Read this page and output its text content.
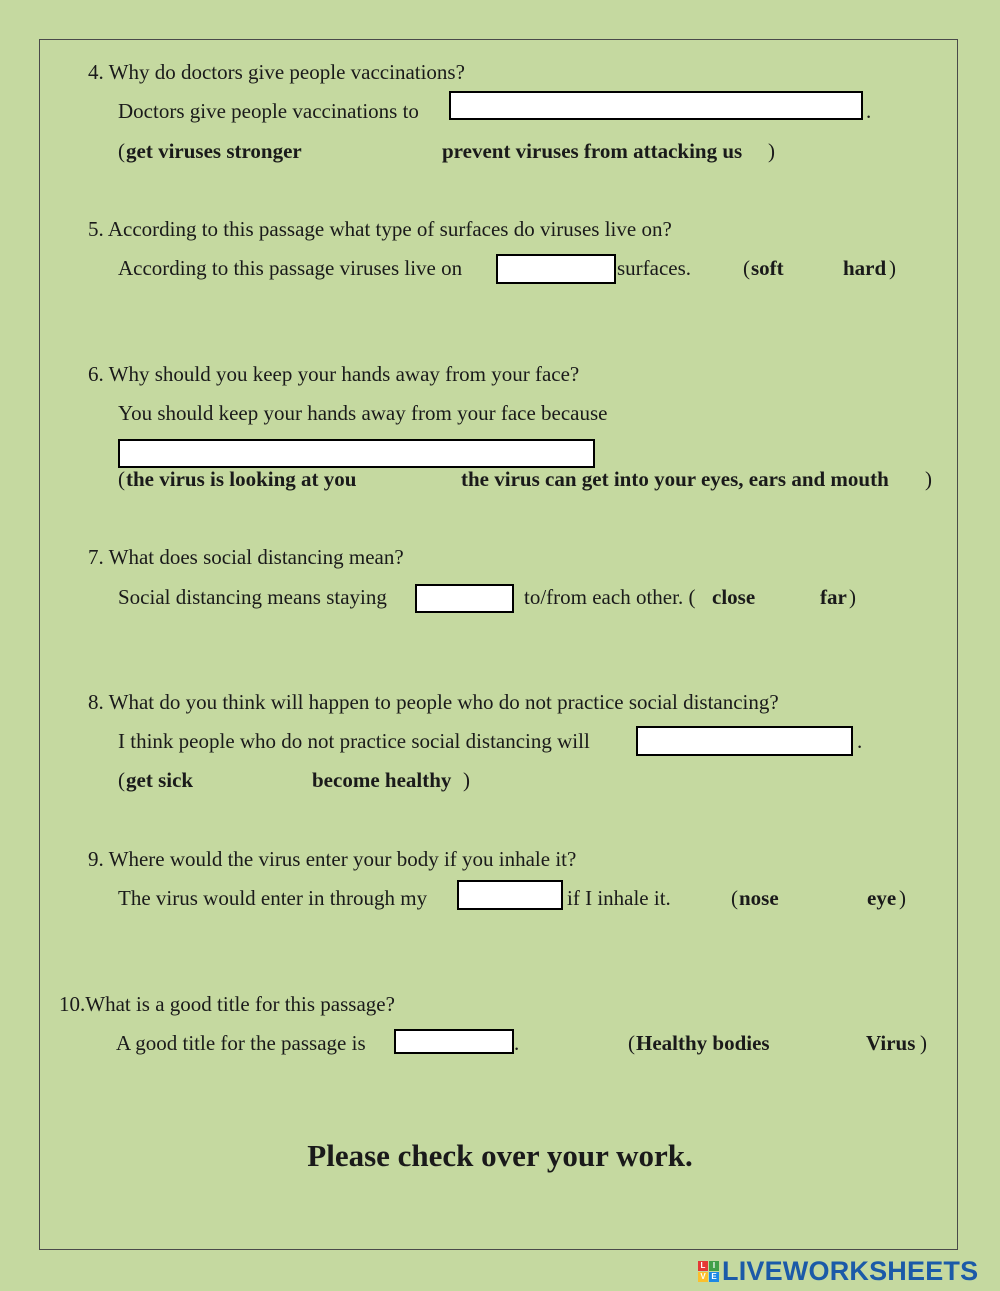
4. Why do doctors give people vaccinations?
Doctors give people vaccinations to	.
( get viruses stronger	prevent viruses from attacking us )
5. According to this passage what type of surfaces do viruses live on?
According to this passage viruses live on	surfaces. ( soft	hard )
6. Why should you keep your hands away from your face?
You should keep your hands away from your face because
( the virus is looking at you	the virus can get into your eyes, ears and mouth )
7. What does social distancing mean?
Social distancing means staying	to/from each other. ( close	far )
8. What do you think will happen to people who do not practice social distancing?
I think people who do not practice social distancing will	.
( get sick	become healthy )
9. Where would the virus enter your body if you inhale it?
The virus would enter in through my	if I inhale it.	( nose	eye )
10.What is a good title for this passage?
A good title for the passage is	.	( Healthy bodies	Virus )
Please check over your work.
L I
V E LIVEWORKSHEETS
